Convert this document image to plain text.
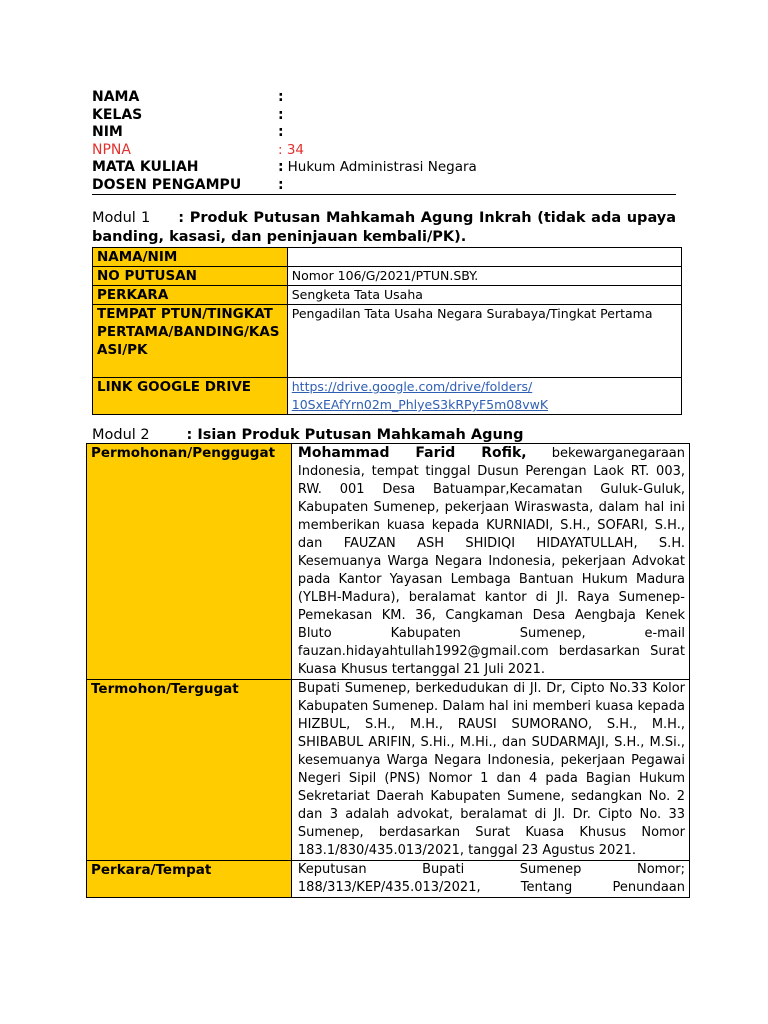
NAMA	:
KELAS	:
NIM	:
NPNA	: 34
MATA KULIAH	: Hukum Administrasi Negara
DOSEN PENGAMPU	:
Modul 1 : Produk Putusan Mahkamah Agung Inkrah (tidak ada upaya banding, kasasi, dan peninjauan kembali/PK).
NAMA/NIM	
NO PUTUSAN	Nomor 106/G/2021/PTUN.SBY.
PERKARA	Sengketa Tata Usaha
TEMPAT PTUN/TINGKAT PERTAMA/BANDING/KASASI/PK	Pengadilan Tata Usaha Negara Surabaya/Tingkat Pertama
LINK GOOGLE DRIVE	https://drive.google.com/drive/folders/
10SxEAfYrn02m_PhlyeS3kRPyF5m08vwK
Modul 2	: Isian Produk Putusan Mahkamah Agung
Permohonan/Penggugat	Mohammad Farid Rofik, bekewarganegaraan Indonesia, tempat tinggal Dusun Perengan Laok RT. 003, RW. 001 Desa Batuampar,Kecamatan Guluk-Guluk, Kabupaten Sumenep, pekerjaan Wiraswasta, dalam hal ini memberikan kuasa kepada KURNIADI, S.H., SOFARI, S.H., dan FAUZAN ASH SHIDIQI HIDAYATULLAH, S.H. Kesemuanya Warga Negara Indonesia, pekerjaan Advokat pada Kantor Yayasan Lembaga Bantuan Hukum Madura (YLBH-Madura), beralamat kantor di Jl. Raya Sumenep-Pemekasan KM. 36, Cangkaman Desa Aengbaja Kenek Bluto Kabupaten Sumenep, e-mail fauzan.hidayahtullah1992@gmail.com berdasarkan Surat Kuasa Khusus tertanggal 21 Juli 2021.
Termohon/Tergugat	Bupati Sumenep, berkedudukan di Jl. Dr, Cipto No.33 Kolor Kabupaten Sumenep. Dalam hal ini memberi kuasa kepada HIZBUL, S.H., M.H., RAUSI SUMORANO, S.H., M.H., SHIBABUL ARIFIN, S.Hi., M.Hi., dan SUDARMAJI, S.H., M.Si., kesemuanya Warga Negara Indonesia, pekerjaan Pegawai Negeri Sipil (PNS) Nomor 1 dan 4 pada Bagian Hukum Sekretariat Daerah Kabupaten Sumene, sedangkan No. 2 dan 3 adalah advokat, beralamat di Jl. Dr. Cipto No. 33 Sumenep, berdasarkan Surat Kuasa Khusus Nomor 183.1/830/435.013/2021, tanggal 23 Agustus 2021.
Perkara/Tempat	Keputusan Bupati Sumenep Nomor; 188/313/KEP/435.013/2021, Tentang Penundaan
